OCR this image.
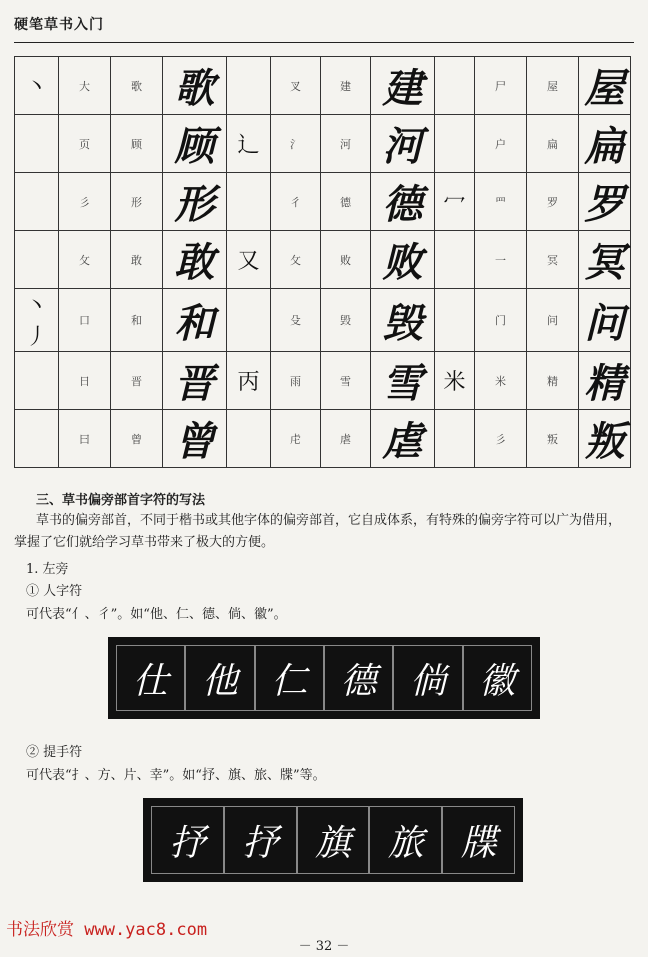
硬笔草书入门
丶	大	歌	歌		叉	建	建		尸	屋	屋
	页	顾	顾	辶	氵	河	河		户	扁	扁
	彡	形	形		彳	德	德	冖	罒	罗	罗
	攵	敢	敢	又	攵	败	败		一	冥	冥
丶丿	口	和	和		殳	毁	毁		门	问	问
	日	晋	晋	丙	雨	雪	雪	米	米	精	精
	曰	曾	曾		虍	虐	虐		彡	叛	叛
三、草书偏旁部首字符的写法
草书的偏旁部首，不同于楷书或其他字体的偏旁部首，它自成体系，有特殊的偏旁字符可以广为借用，掌握了它们就给学习草书带来了极大的方便。
1. 左旁
① 人字符
可代表“亻、彳”。如“他、仁、德、倘、徽”。
仕 他 仁 德 倘 徽
② 提手符
可代表“扌、方、片、幸”。如“抒、旗、旅、牒”等。
抒	抒	旗	旅	牒
书法欣赏 www.yac8.com
－ 32 －
